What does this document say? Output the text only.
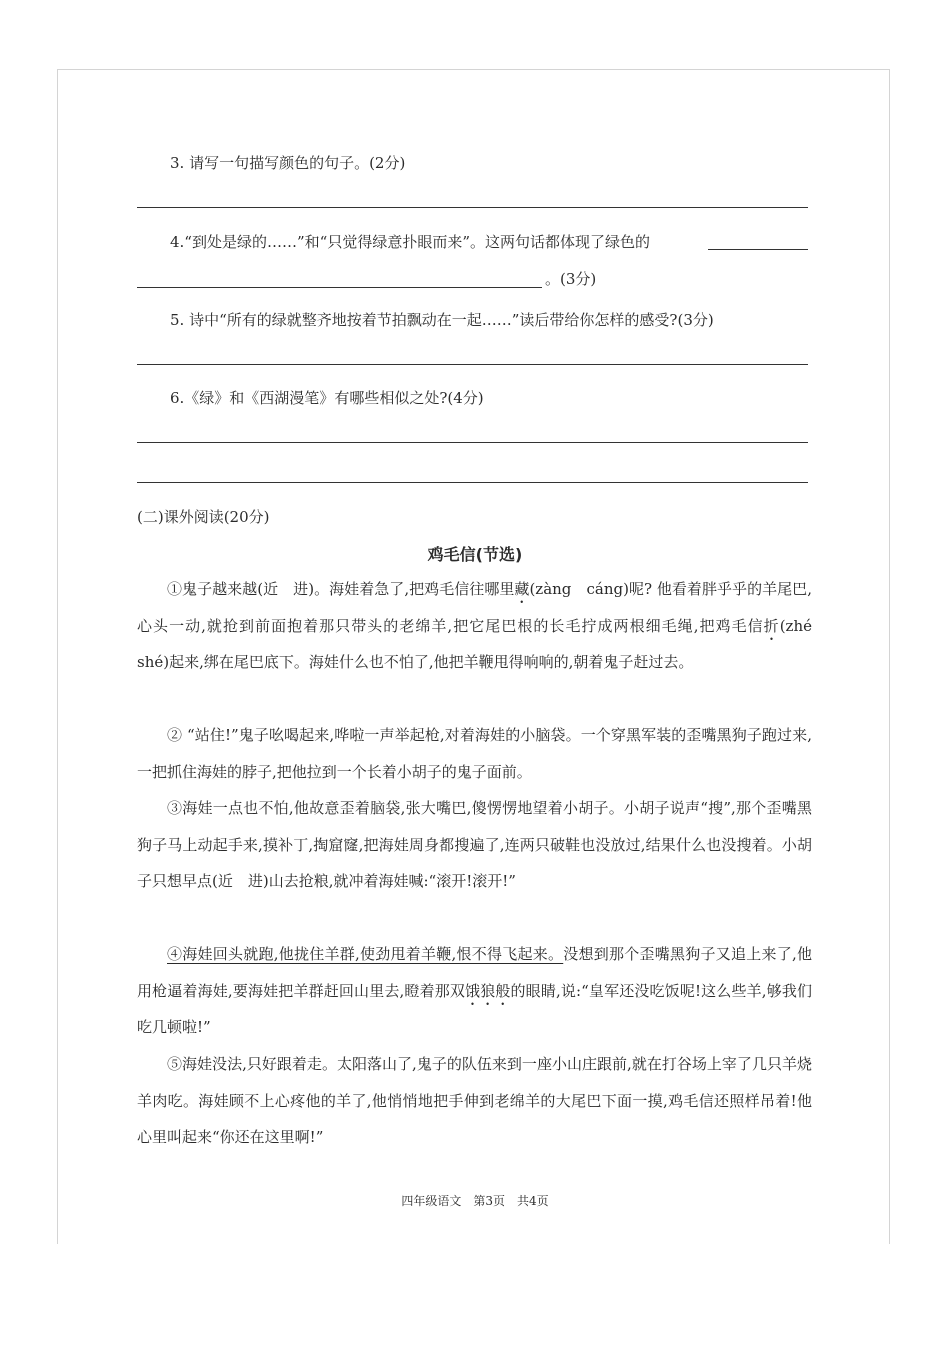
3. 请写一句描写颜色的句子。(2分)
4.“到处是绿的……”和“只觉得绿意扑眼而来”。这两句话都体现了绿色的
。(3分)
5. 诗中“所有的绿就整齐地按着节拍飘动在一起……”读后带给你怎样的感受?(3分)
6.《绿》和《西湖漫笔》有哪些相似之处?(4分)
(二)课外阅读(20分)
鸡毛信(节选)
①鬼子越来越(近　进)。海娃着急了,把鸡毛信往哪里藏(zàng　cáng)呢? 他看着胖乎乎的羊尾巴,心头一动,就抢到前面抱着那只带头的老绵羊,把它尾巴根的长毛拧成两根细毛绳,把鸡毛信折(zhé　shé)起来,绑在尾巴底下。海娃什么也不怕了,他把羊鞭甩得响响的,朝着鬼子赶过去。
② “站住!”鬼子吆喝起来,哗啦一声举起枪,对着海娃的小脑袋。一个穿黑军装的歪嘴黑狗子跑过来,一把抓住海娃的脖子,把他拉到一个长着小胡子的鬼子面前。
③海娃一点也不怕,他故意歪着脑袋,张大嘴巴,傻愣愣地望着小胡子。小胡子说声“搜”,那个歪嘴黑狗子马上动起手来,摸补丁,掏窟窿,把海娃周身都搜遍了,连两只破鞋也没放过,结果什么也没搜着。小胡子只想早点(近　进)山去抢粮,就冲着海娃喊:“滚开!滚开!”
④海娃回头就跑,他拢住羊群,使劲甩着羊鞭,恨不得飞起来。没想到那个歪嘴黑狗子又追上来了,他用枪逼着海娃,要海娃把羊群赶回山里去,瞪着那双饿狼般的眼睛,说:“皇军还没吃饭呢!这么些羊,够我们吃几顿啦!”
⑤海娃没法,只好跟着走。太阳落山了,鬼子的队伍来到一座小山庄跟前,就在打谷场上宰了几只羊烧羊肉吃。海娃顾不上心疼他的羊了,他悄悄地把手伸到老绵羊的大尾巴下面一摸,鸡毛信还照样吊着!他心里叫起来“你还在这里啊!”
四年级语文　第3页　共4页
